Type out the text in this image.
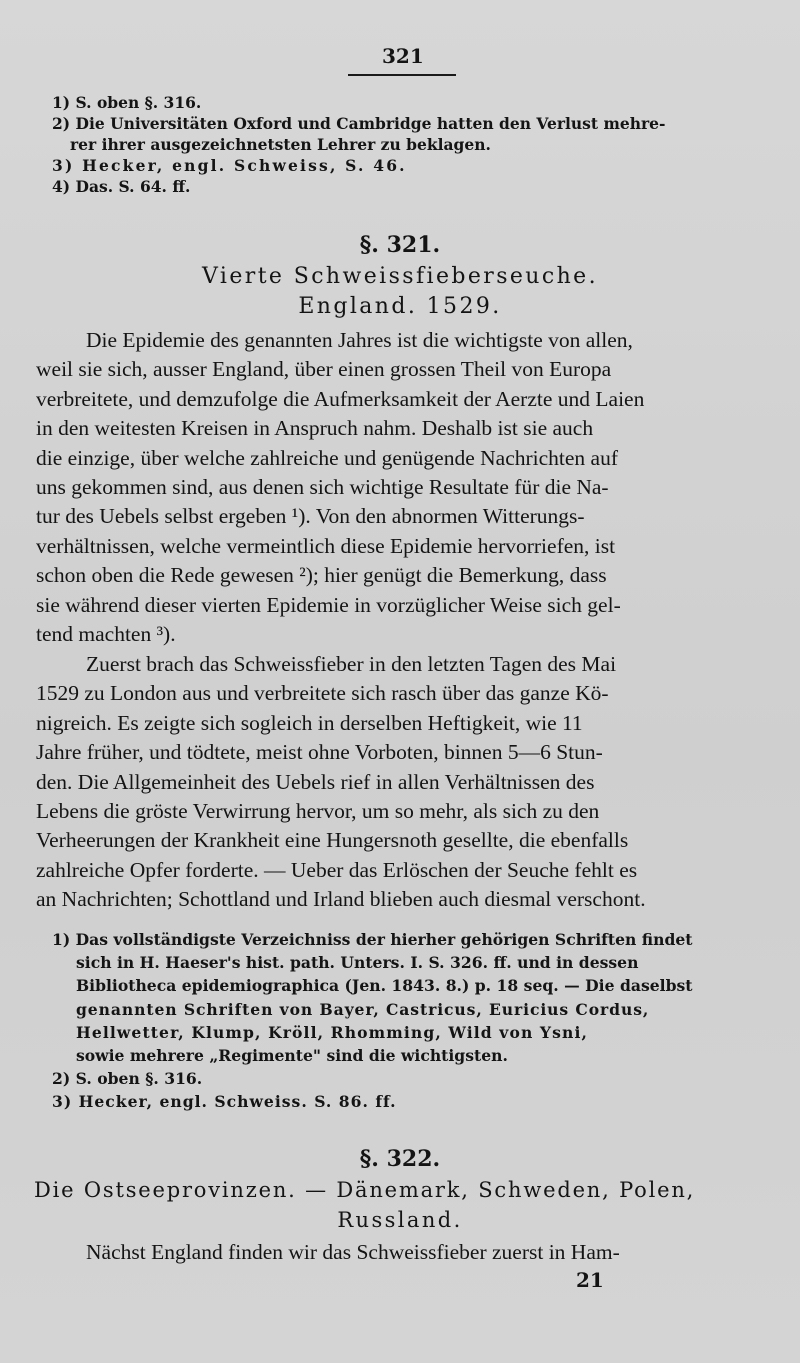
321
1) S. oben §. 316.
2) Die Universitäten Oxford und Cambridge hatten den Verlust mehre-
rer ihrer ausgezeichnetsten Lehrer zu beklagen.
3) Hecker, engl. Schweiss, S. 46.
4) Das. S. 64. ff.
§. 321.
Vierte Schweissfieberseuche.
England. 1529.
Die Epidemie des genannten Jahres ist die wichtigste von allen,
weil sie sich, ausser England, über einen grossen Theil von Europa
verbreitete, und demzufolge die Aufmerksamkeit der Aerzte und Laien
in den weitesten Kreisen in Anspruch nahm. Deshalb ist sie auch
die einzige, über welche zahlreiche und genügende Nachrichten auf
uns gekommen sind, aus denen sich wichtige Resultate für die Na-
tur des Uebels selbst ergeben ¹). Von den abnormen Witterungs-
verhältnissen, welche vermeintlich diese Epidemie hervorriefen, ist
schon oben die Rede gewesen ²); hier genügt die Bemerkung, dass
sie während dieser vierten Epidemie in vorzüglicher Weise sich gel-
tend machten ³).
Zuerst brach das Schweissfieber in den letzten Tagen des Mai
1529 zu London aus und verbreitete sich rasch über das ganze Kö-
nigreich. Es zeigte sich sogleich in derselben Heftigkeit, wie 11
Jahre früher, und tödtete, meist ohne Vorboten, binnen 5—6 Stun-
den. Die Allgemeinheit des Uebels rief in allen Verhältnissen des
Lebens die gröste Verwirrung hervor, um so mehr, als sich zu den
Verheerungen der Krankheit eine Hungersnoth gesellte, die ebenfalls
zahlreiche Opfer forderte. — Ueber das Erlöschen der Seuche fehlt es
an Nachrichten; Schottland und Irland blieben auch diesmal verschont.
1) Das vollständigste Verzeichniss der hierher gehörigen Schriften findet
sich in H. Haeser's hist. path. Unters. I. S. 326. ff. und in dessen
Bibliotheca epidemiographica (Jen. 1843. 8.) p. 18 seq. — Die daselbst
genannten Schriften von Bayer, Castricus, Euricius Cordus,
Hellwetter, Klump, Kröll, Rhomming, Wild von Ysni,
sowie mehrere „Regimente" sind die wichtigsten.
2) S. oben §. 316.
3) Hecker, engl. Schweiss. S. 86. ff.
§. 322.
Die Ostseeprovinzen. — Dänemark, Schweden, Polen,
Russland.
Nächst England finden wir das Schweissfieber zuerst in Ham-
21
